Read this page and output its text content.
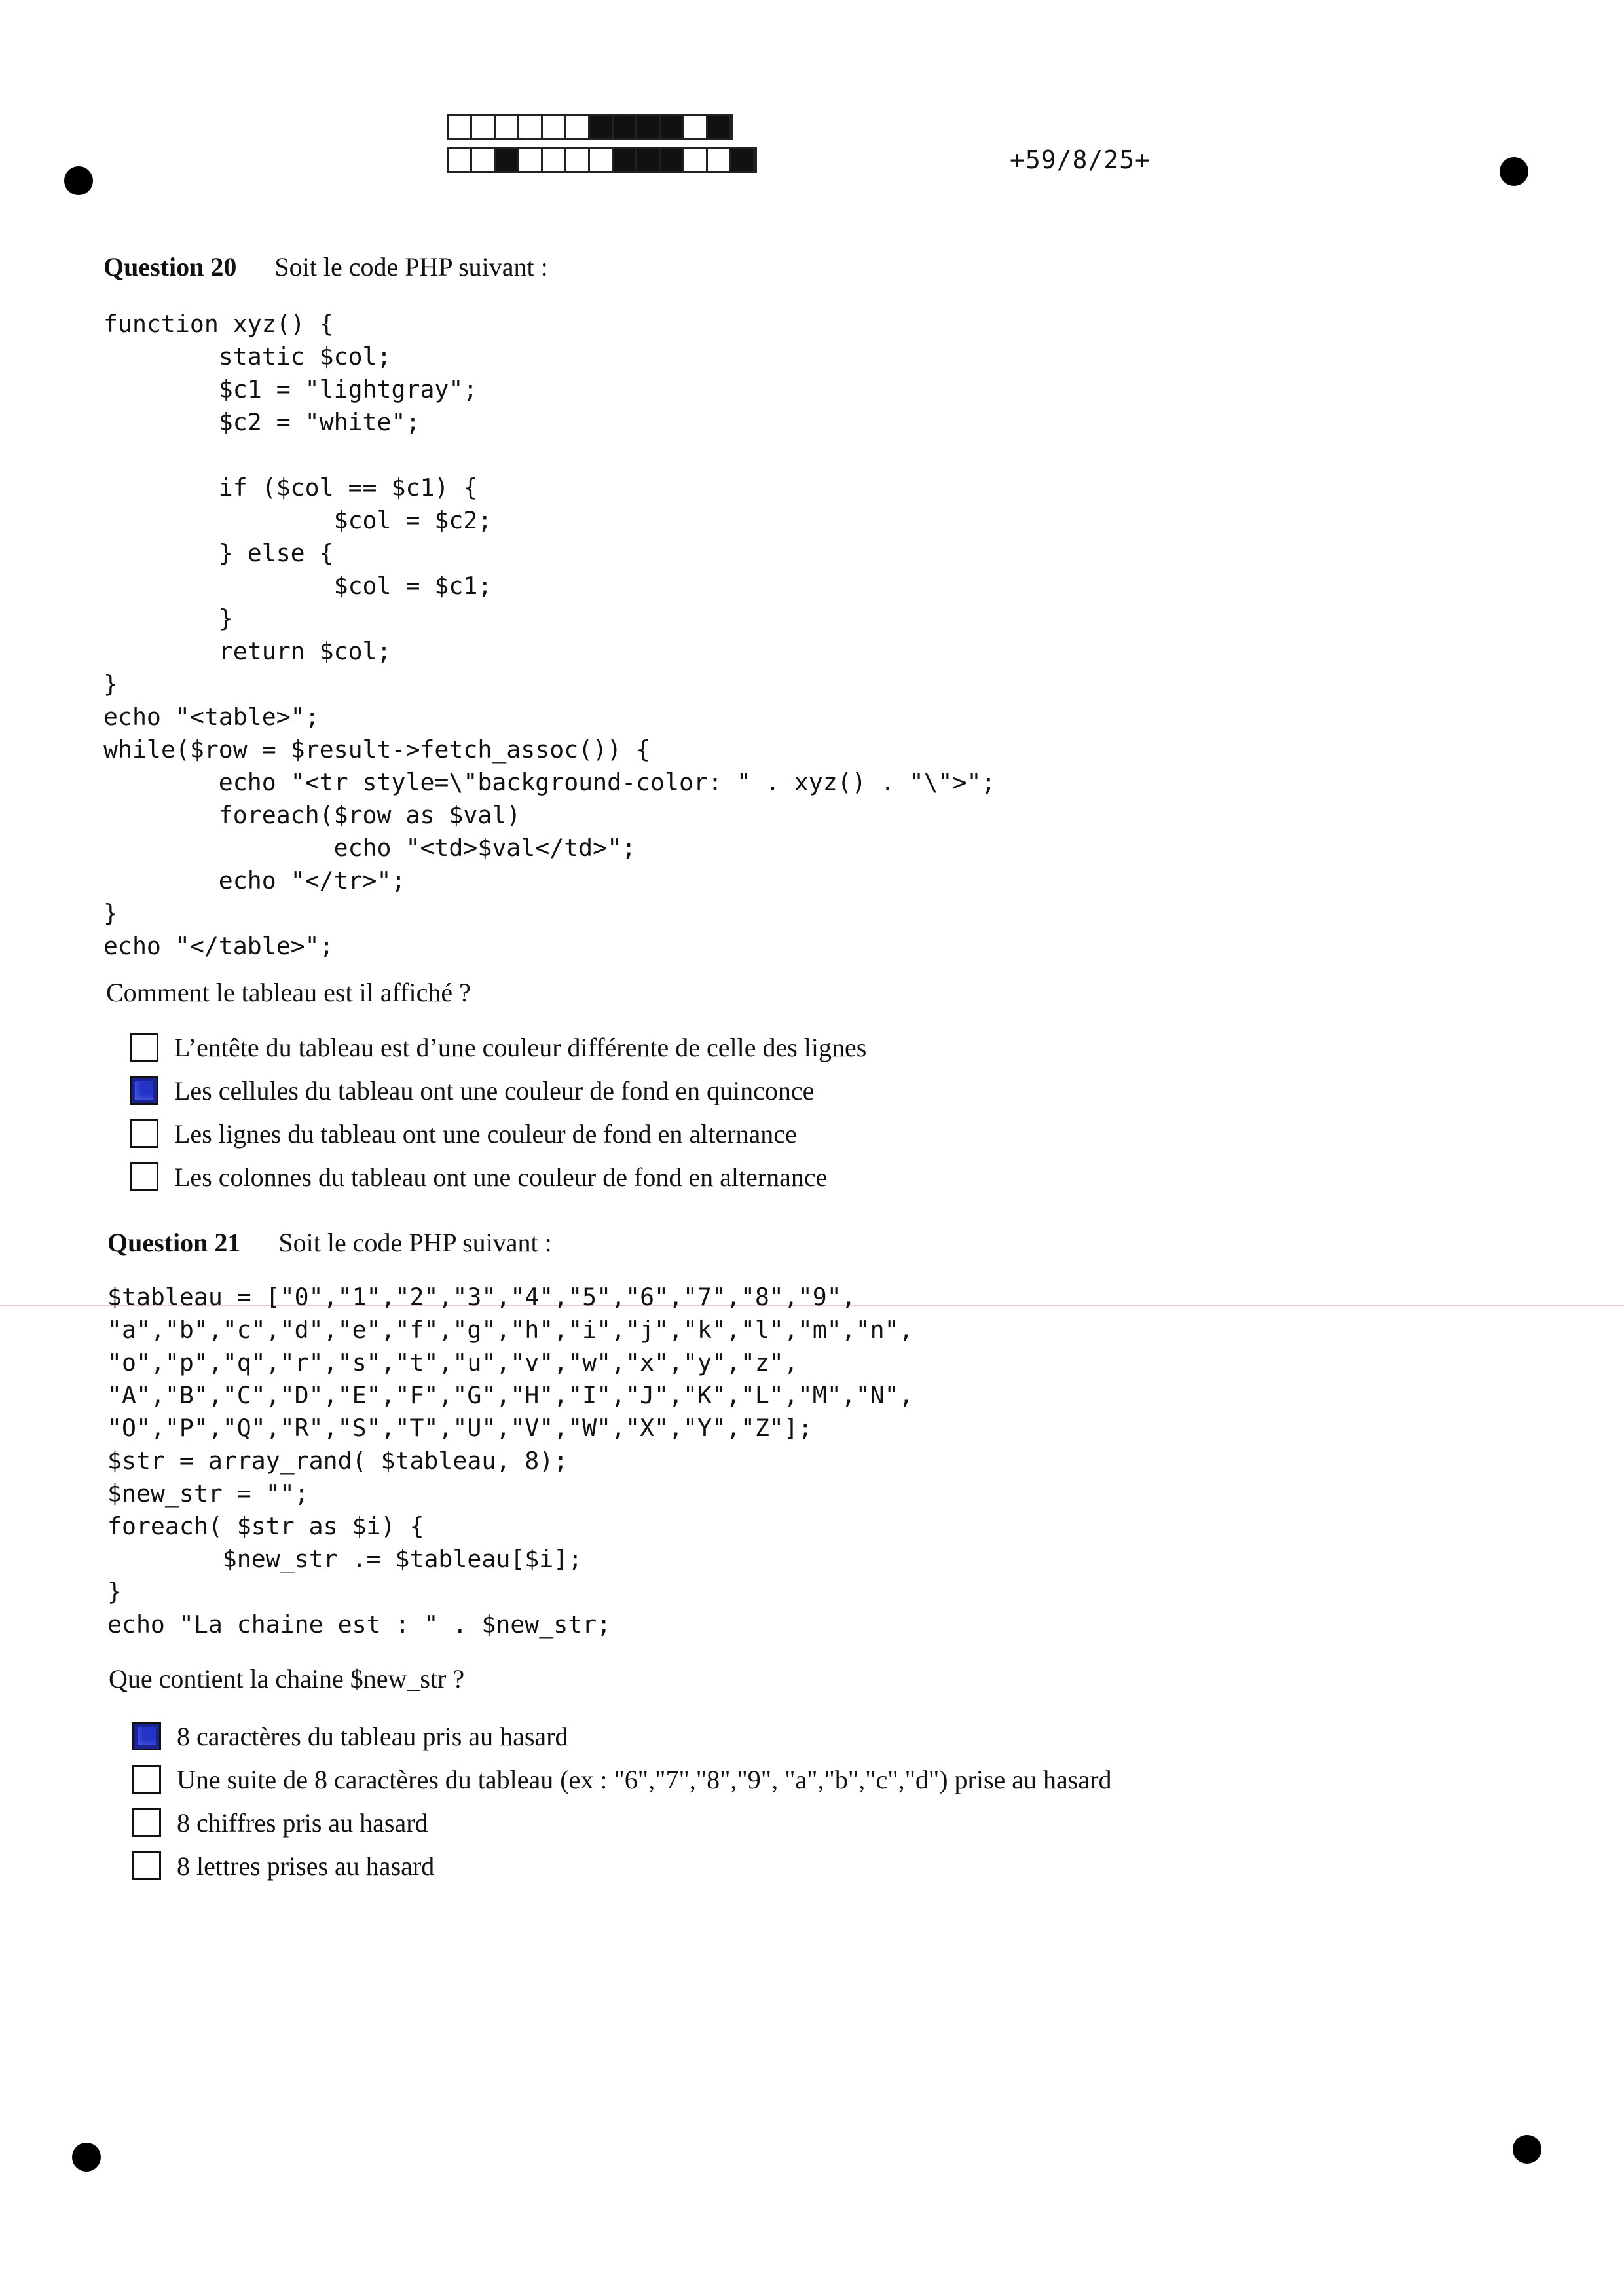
+59/8/25+
Question 20 Soit le code PHP suivant :
function xyz() {
static $col;
$c1 = "lightgray";
$c2 = "white";

if ($col == $c1) {
$col = $c2;
} else {
$col = $c1;
}
return $col;
}
echo "<table>";
while($row = $result->fetch_assoc()) {
echo "<tr style=\"background-color: " . xyz() . "\">";
foreach($row as $val)
echo "<td>$val</td>";
echo "</tr>";
}
echo "</table>";
Comment le tableau est il affiché ?
L’entête du tableau est d’une couleur différente de celle des lignes
Les cellules du tableau ont une couleur de fond en quinconce
Les lignes du tableau ont une couleur de fond en alternance
Les colonnes du tableau ont une couleur de fond en alternance
Question 21 Soit le code PHP suivant :
$tableau = ["0","1","2","3","4","5","6","7","8","9",
"a","b","c","d","e","f","g","h","i","j","k","l","m","n",
"o","p","q","r","s","t","u","v","w","x","y","z",
"A","B","C","D","E","F","G","H","I","J","K","L","M","N",
"O","P","Q","R","S","T","U","V","W","X","Y","Z"];
$str = array_rand( $tableau, 8);
$new_str = "";
foreach( $str as $i) {
$new_str .= $tableau[$i];
}
echo "La chaine est : " . $new_str;
Que contient la chaine $new_str ?
8 caractères du tableau pris au hasard
Une suite de 8 caractères du tableau (ex : "6","7","8","9", "a","b","c","d") prise au hasard
8 chiffres pris au hasard
8 lettres prises au hasard
